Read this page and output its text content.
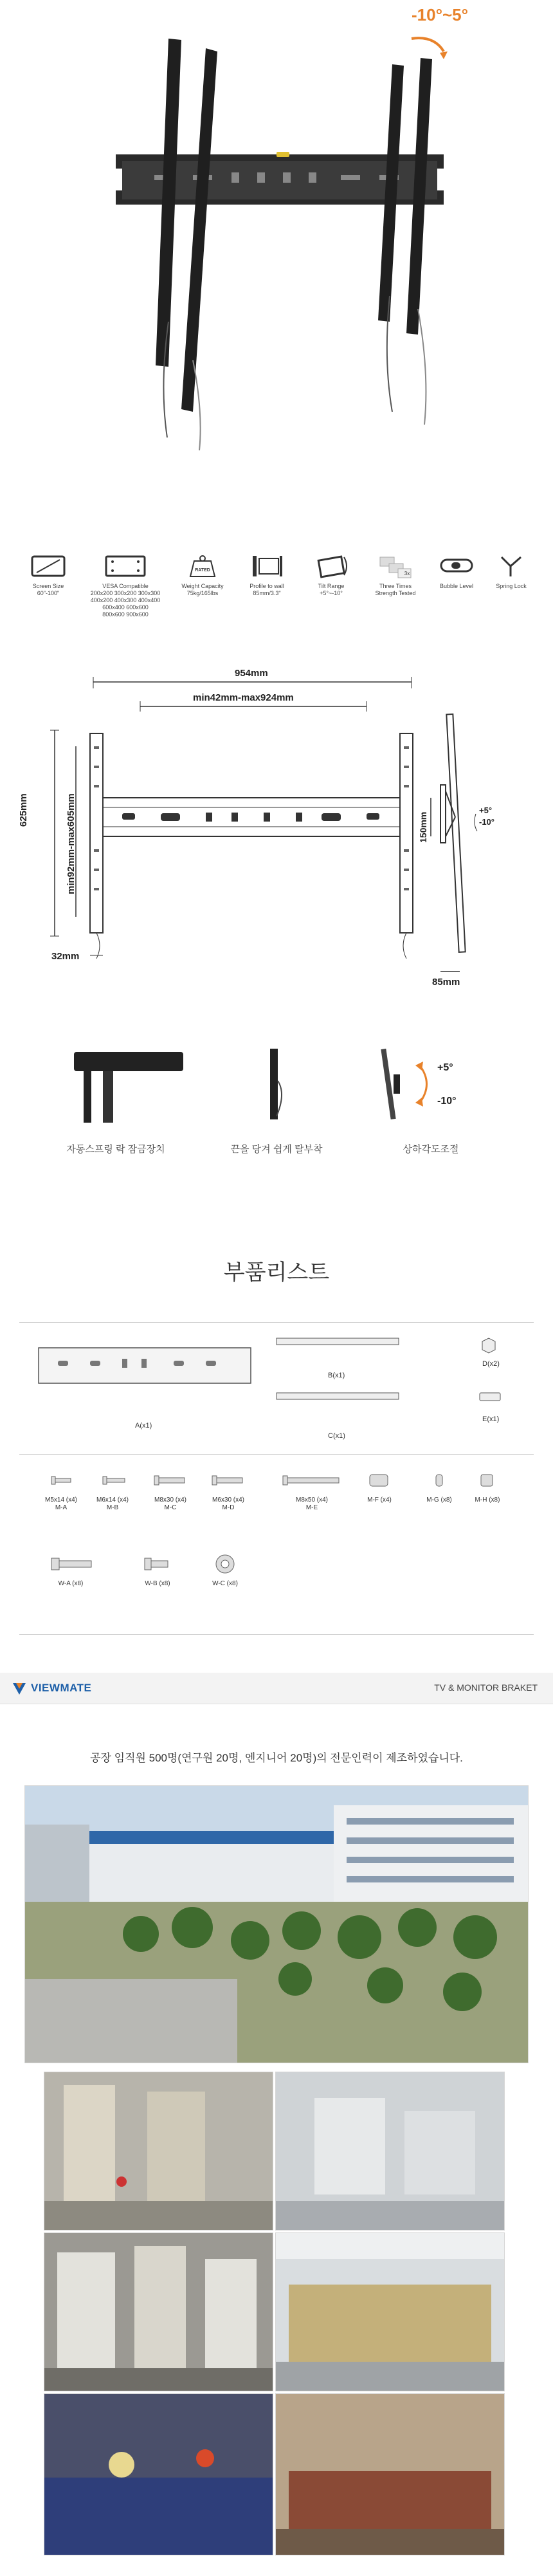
-10°~5°
Screen Size
60"-100"
VESA Compatible
200x200 300x200 300x300
400x200 400x300 400x400
600x400 600x600
800x600 900x600
RATED
Weight Capacity
75kg/165lbs
Profile to wall
85mm/3.3"
Tilt Range
+5°~-10°
3x
Three Times
Strength Tested
Bubble Level	Spring Lock
954mm
min42mm-max924mm
625mm	min92mm-max605mm	150mm
32mm
85mm
+5°
-10°
자동스프링 락 잠금장치	끈을 당겨 쉽게 탈부착
+5°
-10°
상하각도조절
부품리스트
A(x1)
B(x1)
C(x1)
D(x2)
E(x1)
M5x14 (x4)
M-A
M6x14 (x4)
M-B
M8x30 (x4)
M-C
M6x30 (x4)
M-D
M8x50 (x4)
M-E
M-F (x4)	M-G (x8)	M-H (x8)

W-A (x8)	W-B (x8)	W-C (x8)
VIEWMATE	TV & MONITOR BRAKET
공장 임직원 500명(연구원 20명, 엔지니어 20명)의 전문인력이 제조하였습니다.
